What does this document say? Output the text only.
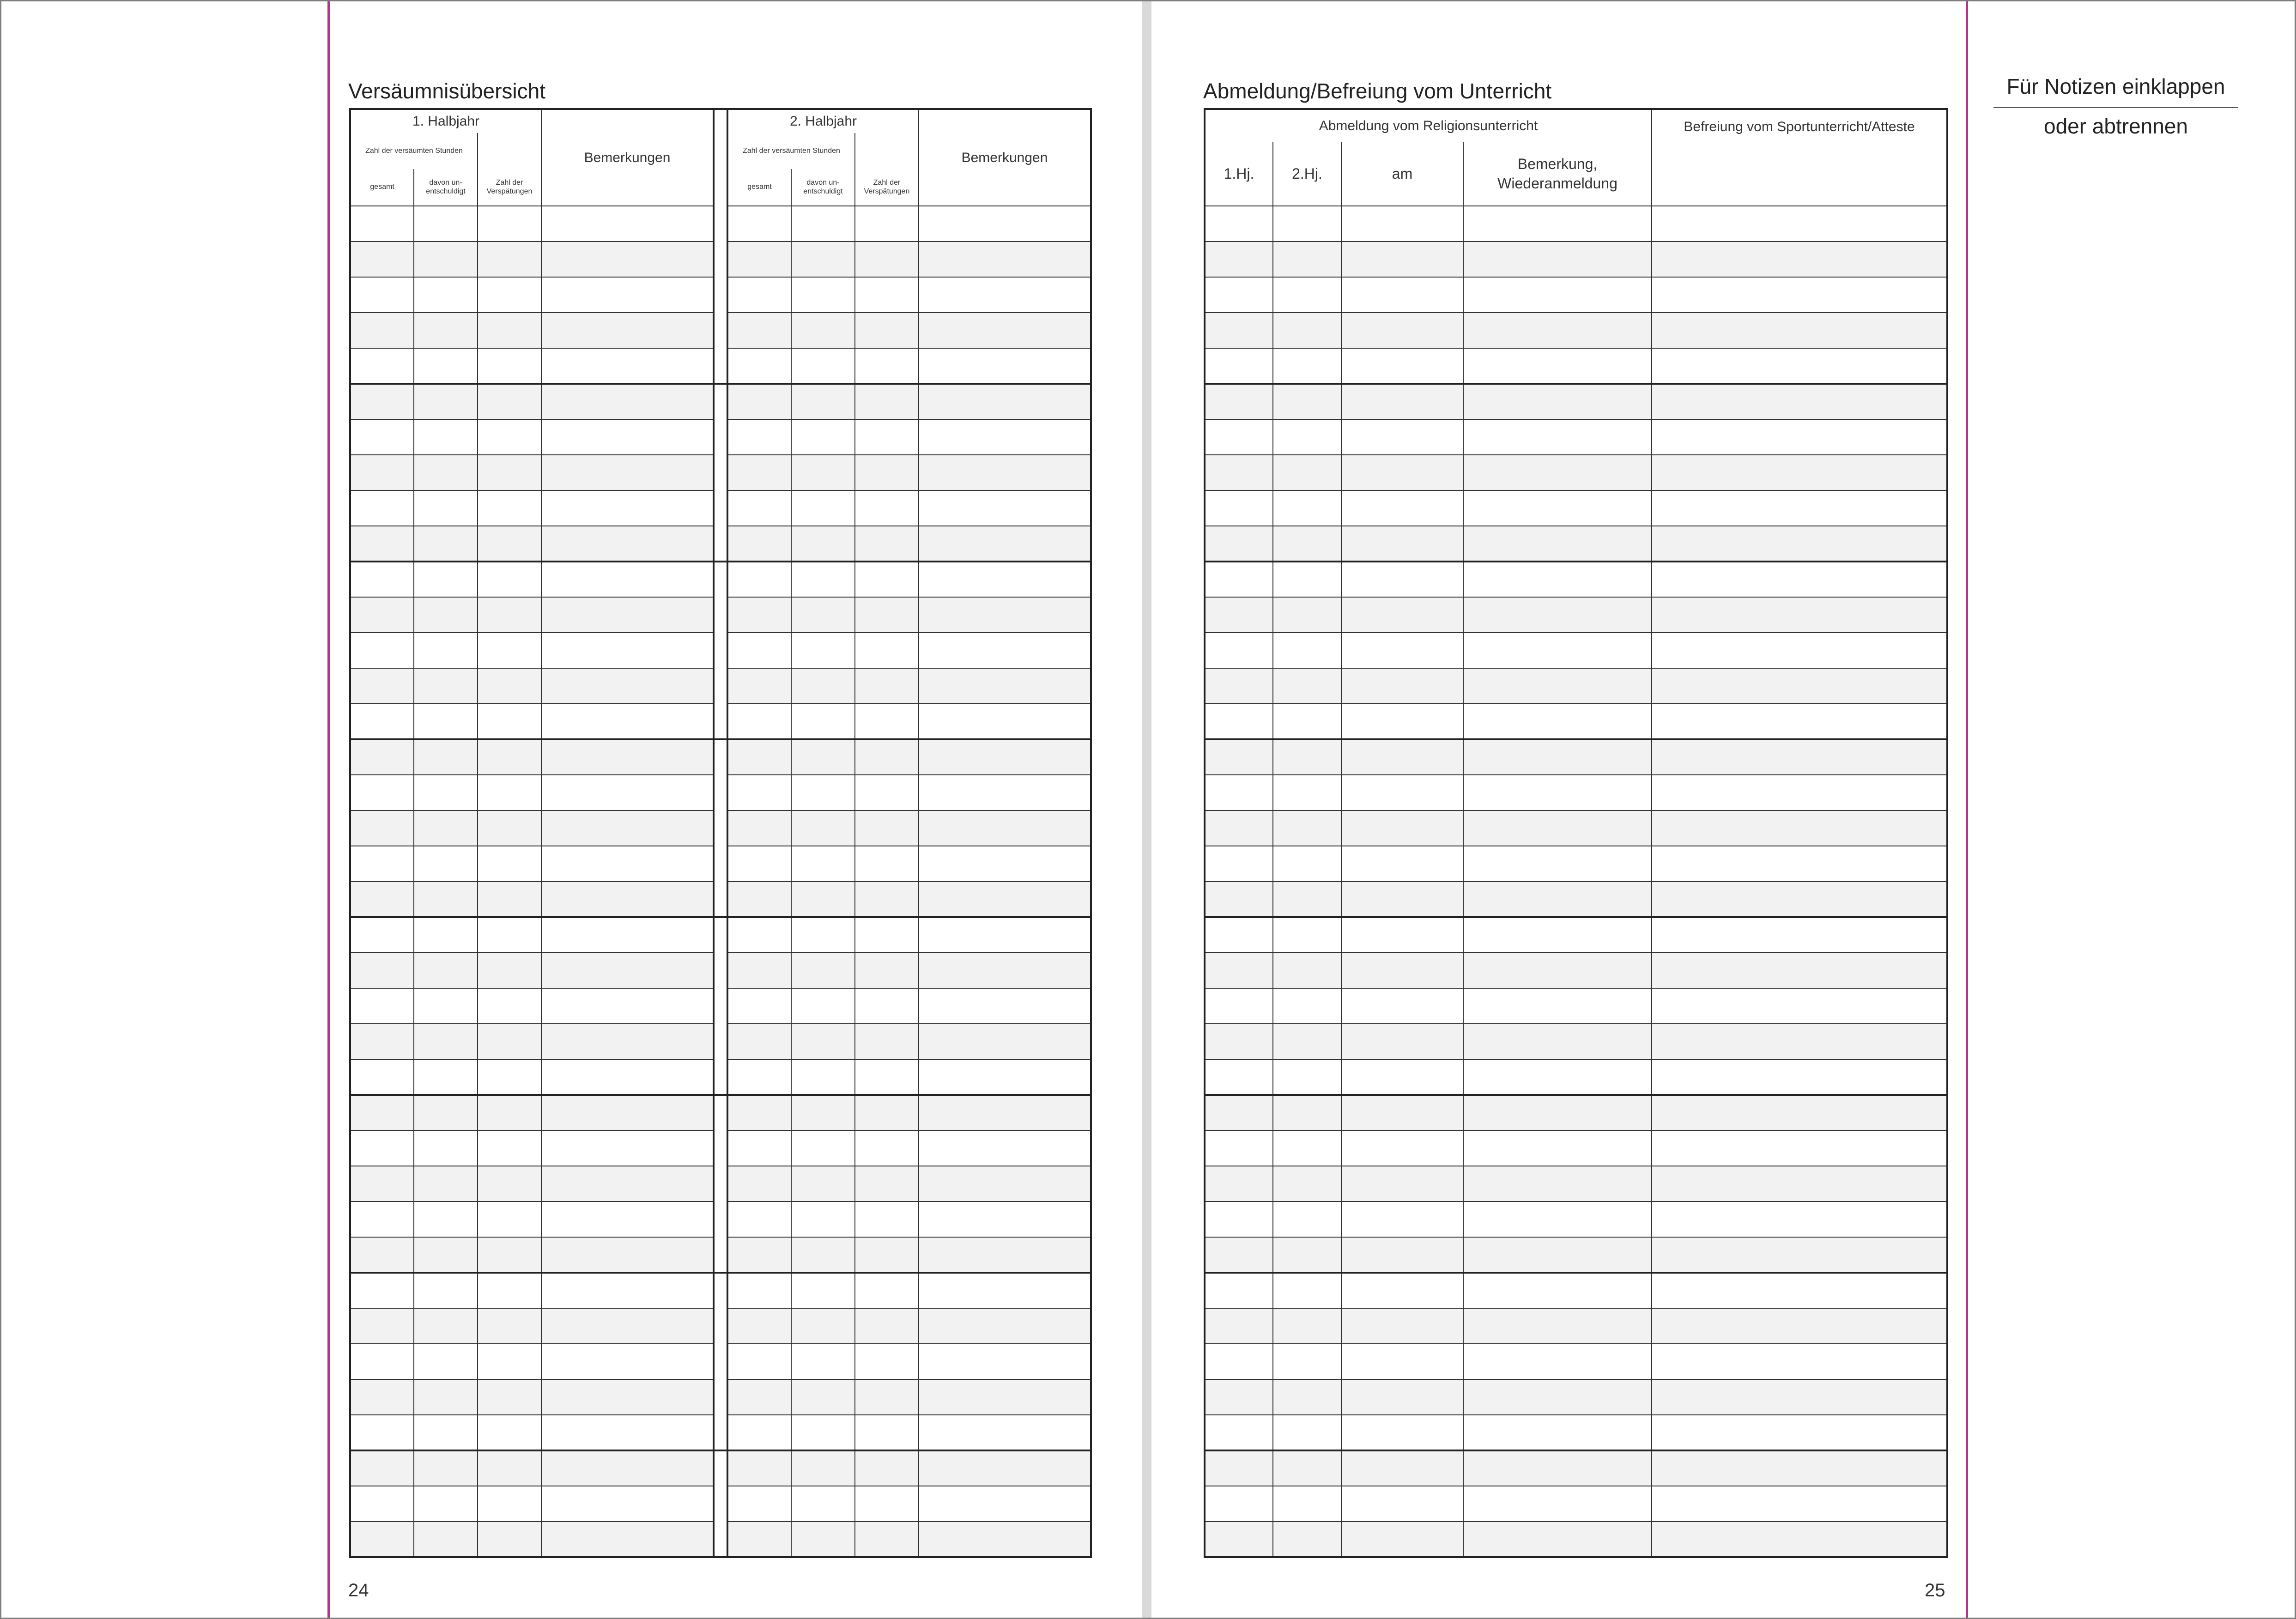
Versäumnisübersicht
1. Halbjahr			Bemerkungen		2. Halbjahr			Bemerkungen
Zahl der versäumten Stunden					Zahl der versäumten Stunden			
gesamt	davon un-entschuldigt	Zahl der Verspätungen			gesamt	davon un-entschuldigt	Zahl der Verspätungen	

24
Abmeldung/Befreiung vom Unterricht
Abmeldung vom Religionsunterricht				Befreiung vom Sportunterricht/Atteste
1.Hj.	2.Hj.	am	Bemerkung, Wiederanmeldung	

25
Für Notizen einklappen
oder abtrennen
